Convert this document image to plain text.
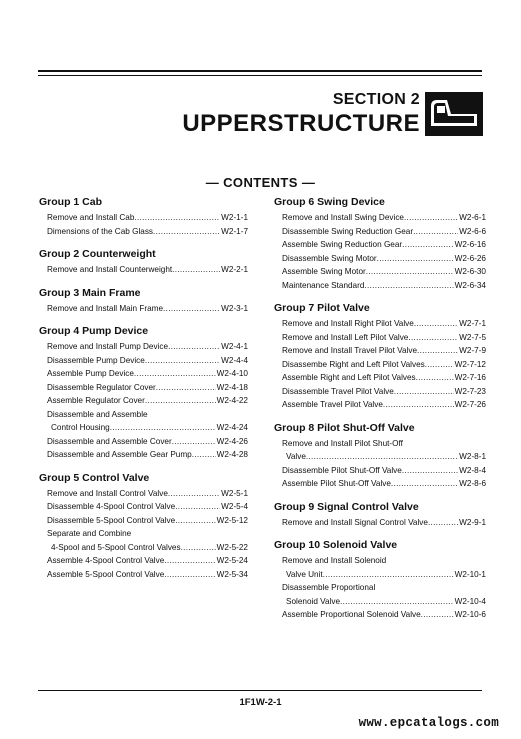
SECTION 2
UPPERSTRUCTURE
— CONTENTS —
Group 1 Cab
Remove and Install Cab .....	W2-1-1
Dimensions of the Cab Glass .....	W2-1-7
Group 2 Counterweight
Remove and Install Counterweight .....	W2-2-1
Group 3 Main Frame
Remove and Install Main Frame .....	W2-3-1
Group 4 Pump Device
Remove and Install Pump Device .....	W2-4-1
Disassemble Pump Device .....	W2-4-4
Assemble Pump Device .....	W2-4-10
Disassemble Regulator Cover .....	W2-4-18
Assemble Regulator Cover .....	W2-4-22
Disassemble and Assemble
Control Housing .....	W2-4-24
Disassemble and Assemble Cover .....	W2-4-26
Disassemble and Assemble Gear Pump .....	W2-4-28
Group 5 Control Valve
Remove and Install Control Valve .....	W2-5-1
Disassemble 4-Spool Control Valve .....	W2-5-4
Disassemble 5-Spool Control Valve .....	W2-5-12
Separate and Combine
4-Spool and 5-Spool Control Valves .....	W2-5-22
Assemble 4-Spool Control Valve .....	W2-5-24
Assemble 5-Spool Control Valve .....	W2-5-34
Group 6 Swing Device
Remove and Install Swing Device .....	W2-6-1
Disassemble Swing Reduction Gear .....	W2-6-6
Assemble Swing Reduction Gear .....	W2-6-16
Disassemble Swing Motor .....	W2-6-26
Assemble Swing Motor .....	W2-6-30
Maintenance Standard .....	W2-6-34
Group 7 Pilot Valve
Remove and Install Right Pilot Valve .....	W2-7-1
Remove and Install Left Pilot Valve .....	W2-7-5
Remove and Install Travel Pilot Valve .....	W2-7-9
Disassembe Right and Left Pilot Valves .....	W2-7-12
Assemble Right and Left Pilot Valves .....	W2-7-16
Disassemble Travel Pilot Valve .....	W2-7-23
Assemble Travel Pilot Valve .....	W2-7-26
Group 8 Pilot Shut-Off Valve
Remove and Install Pilot Shut-Off
Valve .....	W2-8-1
Disassemble Pilot Shut-Off Valve .....	W2-8-4
Assemble Pilot Shut-Off Valve .....	W2-8-6
Group 9 Signal Control Valve
Remove and Install Signal Control Valve .....	W2-9-1
Group 10 Solenoid Valve
Remove and Install Solenoid
Valve Unit .....	W2-10-1
Disassemble Proportional
Solenoid Valve .....	W2-10-4
Assemble Proportional Solenoid Valve .....	W2-10-6
1F1W-2-1
www.epcatalogs.com
